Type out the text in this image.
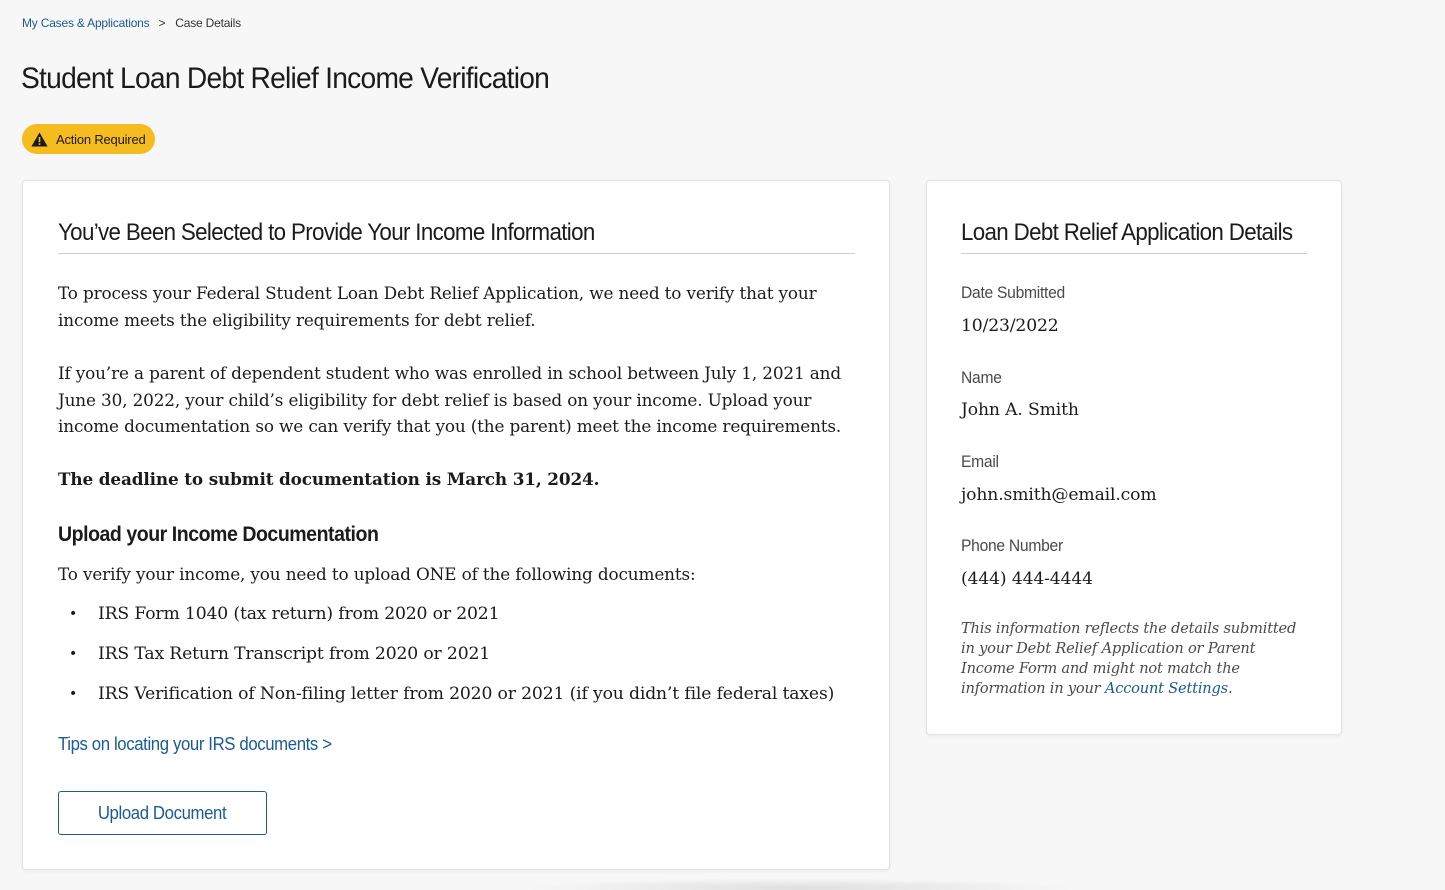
My Cases & Applications > Case Details
Student Loan Debt Relief Income Verification
Action Required
You’ve Been Selected to Provide Your Income Information

To process your Federal Student Loan Debt Relief Application, we need to verify that your income meets the eligibility requirements for debt relief.

If you’re a parent of dependent student who was enrolled in school between July 1, 2021 and June 30, 2022, your child’s eligibility for debt relief is based on your income. Upload your income documentation so we can verify that you (the parent) meet the income requirements.

The deadline to submit documentation is March 31, 2024.

Upload your Income Documentation

To verify your income, you need to upload ONE of the following documents:

• IRS Form 1040 (tax return) from 2020 or 2021
• IRS Tax Return Transcript from 2020 or 2021
• IRS Verification of Non-filing letter from 2020 or 2021 (if you didn’t file federal taxes)
Tips on locating your IRS documents >
Upload Document
Loan Debt Relief Application Details
Date Submitted
10/23/2022
Name
John A. Smith
Email
john.smith@email.com
Phone Number
(444) 444-4444

This information reflects the details submitted in your Debt Relief Application or Parent Income Form and might not match the information in your Account Settings.
